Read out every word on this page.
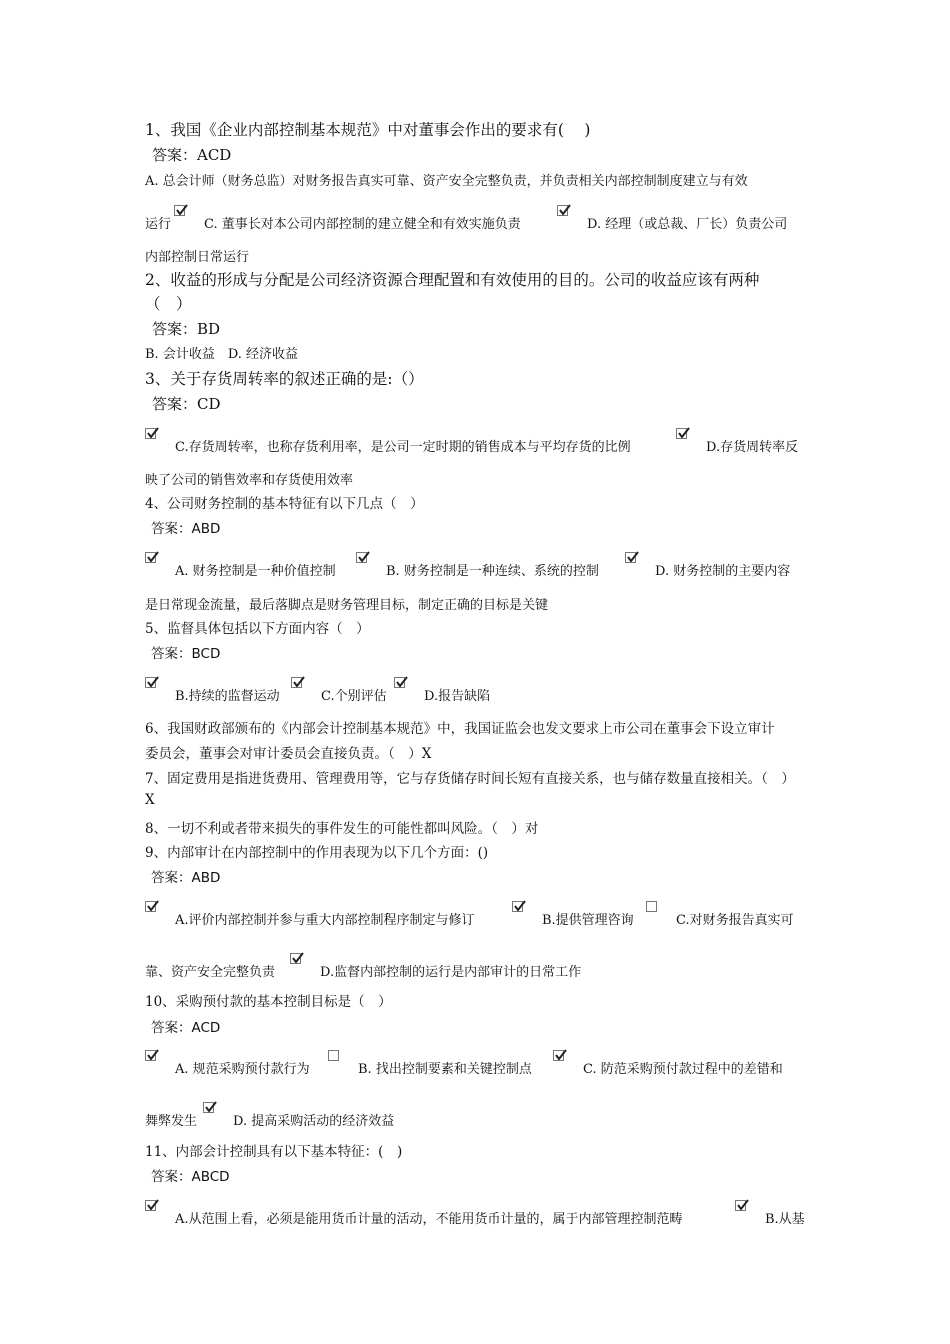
1、我国《企业内部控制基本规范》中对董事会作出的要求有(　 )
答案：ACD
A. 总会计师（财务总监）对财务报告真实可靠、资产安全完整负责，并负责相关内部控制制度建立与有效
运行	C. 董事长对本公司内部控制的建立健全和有效实施负责	D. 经理（或总裁、厂长）负责公司
内部控制日常运行
2、收益的形成与分配是公司经济资源合理配置和有效使用的目的。公司的收益应该有两种
（　）
答案：BD
B. 会计收益　D. 经济收益
3、关于存货周转率的叙述正确的是:（）
答案：CD
C.存货周转率，也称存货利用率，是公司一定时期的销售成本与平均存货的比例	D.存货周转率反
映了公司的销售效率和存货使用效率
4、公司财务控制的基本特征有以下几点（　）
答案：ABD
A. 财务控制是一种价值控制	B. 财务控制是一种连续、系统的控制	D. 财务控制的主要内容
是日常现金流量，最后落脚点是财务管理目标，制定正确的目标是关键
5、监督具体包括以下方面内容（　）
答案：BCD
B.持续的监督运动	C.个别评估	D.报告缺陷
6、我国财政部颁布的《内部会计控制基本规范》中，我国证监会也发文要求上市公司在董事会下设立审计
委员会，董事会对审计委员会直接负责。（　）X
7、固定费用是指进货费用、管理费用等，它与存货储存时间长短有直接关系，也与储存数量直接相关。（　）
X
8、一切不利或者带来损失的事件发生的可能性都叫风险。（　）对
9、内部审计在内部控制中的作用表现为以下几个方面：()
答案：ABD
A.评价内部控制并参与重大内部控制程序制定与修订	B.提供管理咨询	C.对财务报告真实可
靠、资产安全完整负责	D.监督内部控制的运行是内部审计的日常工作
10、采购预付款的基本控制目标是（　）
答案：ACD
A. 规范采购预付款行为	B. 找出控制要素和关键控制点	C. 防范采购预付款过程中的差错和
舞弊发生	D. 提高采购活动的经济效益
11、内部会计控制具有以下基本特征：(　)
答案：ABCD
A.从范围上看，必须是能用货币计量的活动，不能用货币计量的，属于内部管理控制范畴	B.从基
